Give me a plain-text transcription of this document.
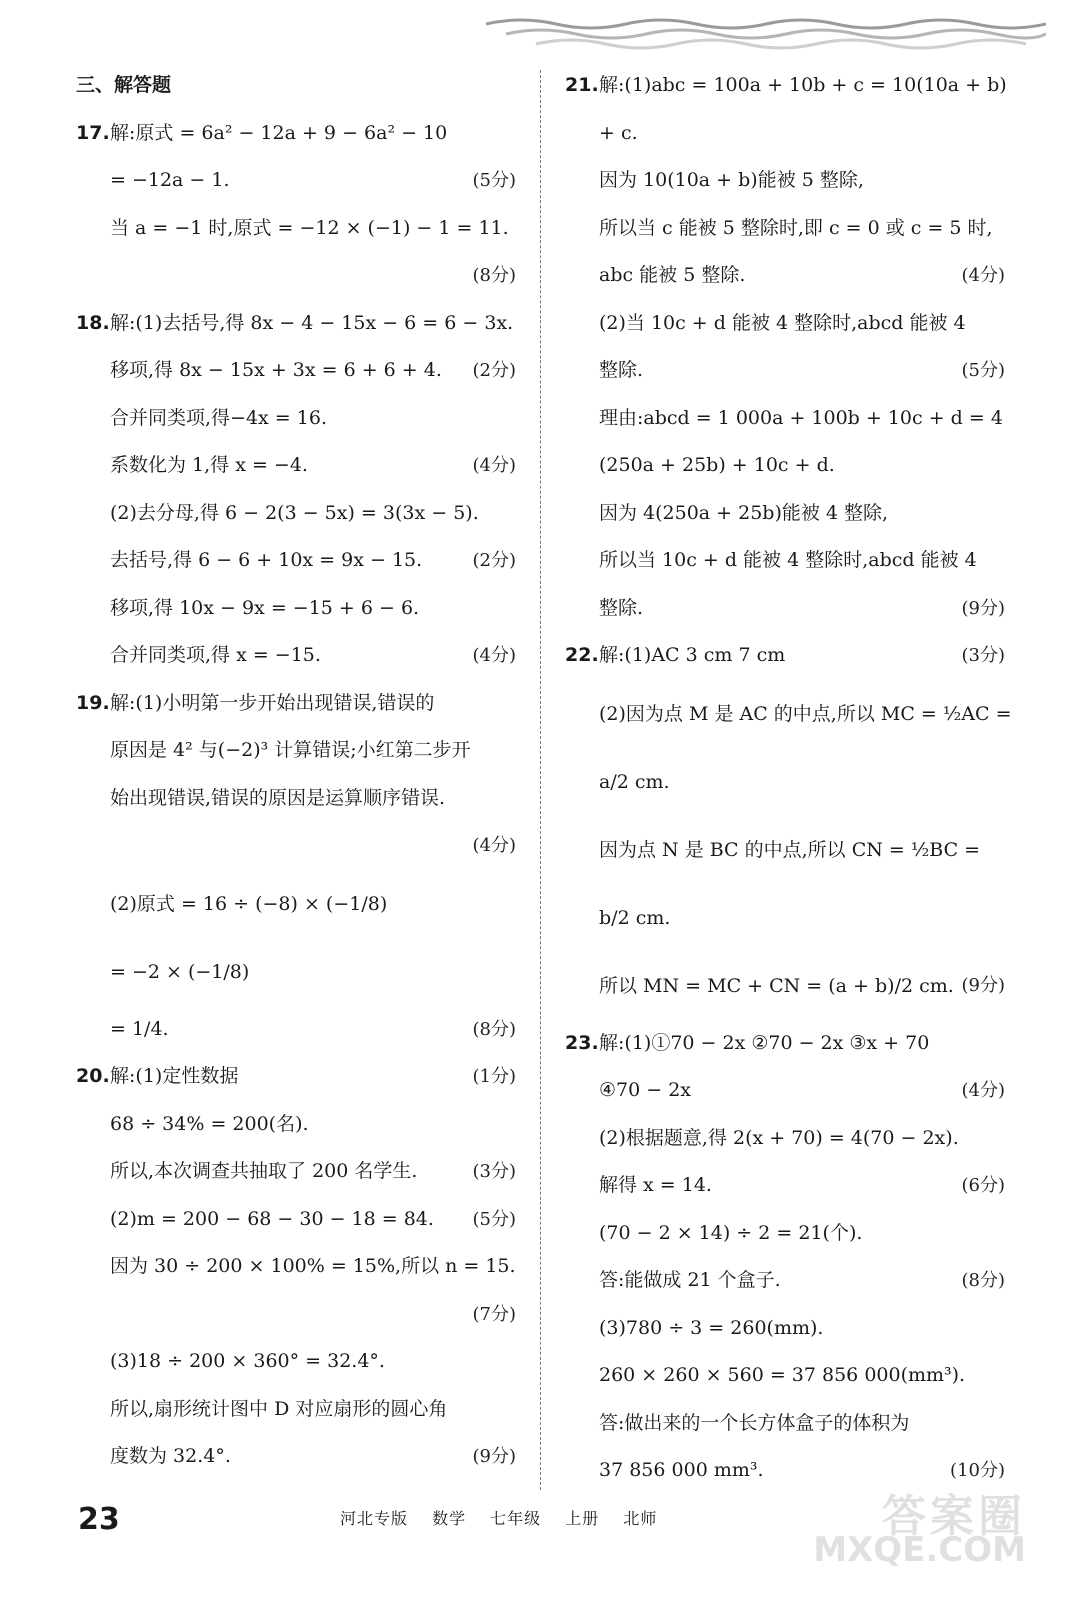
三、解答题
17.解:原式 = 6a² − 12a + 9 − 6a² − 10
= −12a − 1.	(5分)
当 a = −1 时,原式 = −12 × (−1) − 1 = 11.
(8分)
18.解:(1)去括号,得 8x − 4 − 15x − 6 = 6 − 3x.
移项,得 8x − 15x + 3x = 6 + 6 + 4. (2分)
合并同类项,得−4x = 16.
系数化为 1,得 x = −4.	(4分)
(2)去分母,得 6 − 2(3 − 5x) = 3(3x − 5).
去括号,得 6 − 6 + 10x = 9x − 15.	(2分)
移项,得 10x − 9x = −15 + 6 − 6.
合并同类项,得 x = −15.	(4分)
19.解:(1)小明第一步开始出现错误,错误的
原因是 4² 与(−2)³ 计算错误;小红第二步开
始出现错误,错误的原因是运算顺序错误.
(4分)
(2)原式 = 16 ÷ (−8) × (−1/8)
= −2 × (−1/8)
= 1/4.	(8分)
20.解:(1)定性数据	(1分)
68 ÷ 34% = 200(名).
所以,本次调查共抽取了 200 名学生.	(3分)
(2)m = 200 − 68 − 30 − 18 = 84. (5分)
因为 30 ÷ 200 × 100% = 15%,所以 n = 15.
(7分)
(3)18 ÷ 200 × 360° = 32.4°.
所以,扇形统计图中 D 对应扇形的圆心角
度数为 32.4°.	(9分)
21.解:(1)abc = 100a + 10b + c = 10(10a + b)
+ c.
因为 10(10a + b)能被 5 整除,
所以当 c 能被 5 整除时,即 c = 0 或 c = 5 时,
abc 能被 5 整除.	(4分)
(2)当 10c + d 能被 4 整除时,abcd 能被 4
整除.	(5分)
理由:abcd = 1 000a + 100b + 10c + d = 4
(250a + 25b) + 10c + d.
因为 4(250a + 25b)能被 4 整除,
所以当 10c + d 能被 4 整除时,abcd 能被 4
整除.	(9分)
22.解:(1)AC 3 cm 7 cm	(3分)
(2)因为点 M 是 AC 的中点,所以 MC = ½AC =
a/2 cm.
因为点 N 是 BC 的中点,所以 CN = ½BC =
b/2 cm.
所以 MN = MC + CN = (a + b)/2 cm. (9分)
23.解:(1)①70 − 2x ②70 − 2x ③x + 70
④70 − 2x	(4分)
(2)根据题意,得 2(x + 70) = 4(70 − 2x).
解得 x = 14.	(6分)
(70 − 2 × 14) ÷ 2 = 21(个).
答:能做成 21 个盒子.	(8分)
(3)780 ÷ 3 = 260(mm).
260 × 260 × 560 = 37 856 000(mm³).
答:做出来的一个长方体盒子的体积为
37 856 000 mm³.	(10分)
23	河北专版 数学 七年级 上册 北师	答案圈
MXQE.COM
